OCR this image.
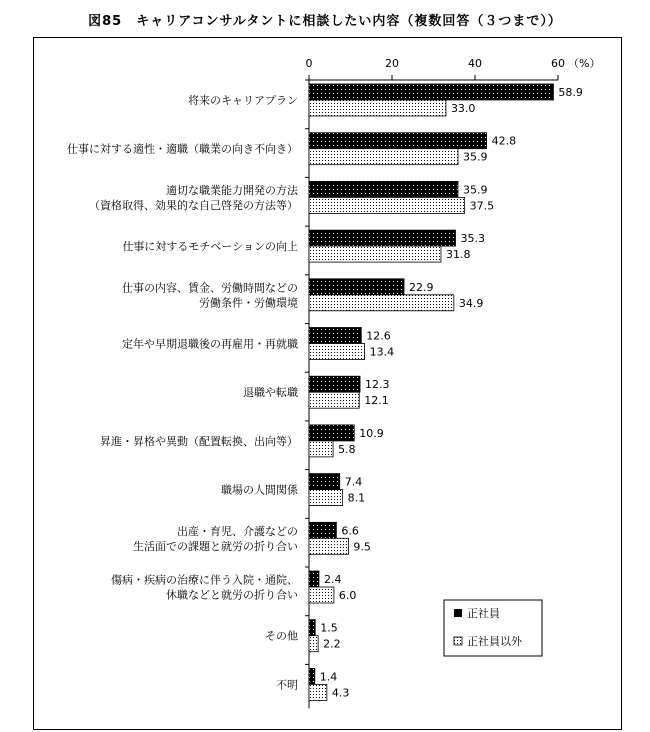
図85　キャリアコンサルタントに相談したい内容（複数回答（３つまで））
0	20	40	60 （%）
将来のキャリアプラン
仕事に対する適性・適職（職業の向き不向き）
適切な職業能力開発の方法
（資格取得、効果的な自己啓発の方法等）
仕事に対するモチベーションの向上
仕事の内容、賃金、労働時間などの
労働条件・労働環境
定年や早期退職後の再雇用・再就職
退職や転職
昇進・昇格や異動（配置転換、出向等）
職場の人間関係
出産・育児、介護などの
生活面での課題と就労の折り合い
傷病・疾病の治療に伴う入院・通院、
休職などと就労の折り合い
その他
不明
58.9
33.0
42.8
35.9
35.9
37.5
35.3
31.8
22.9
34.9
12.6
13.4
12.3
12.1
10.9
5.8
7.4
8.1
6.6
9.5
2.4
6.0
1.5
2.2
1.4
4.3
正社員
正社員以外
